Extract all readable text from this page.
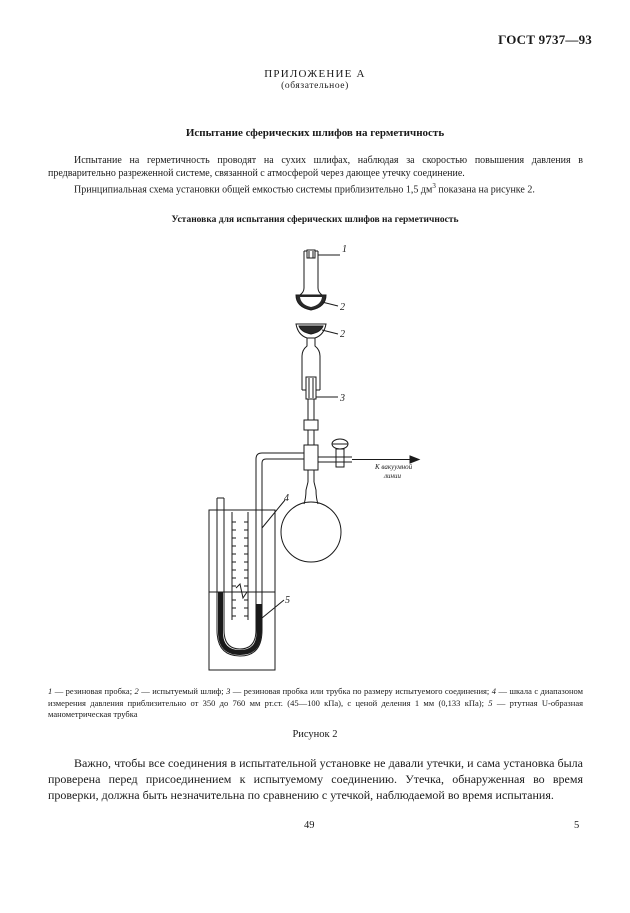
ГОСТ 9737—93
ПРИЛОЖЕНИЕ А
(обязательное)
Испытание сферических шлифов на герметичность
Испытание на герметичность проводят на сухих шлифах, наблюдая за скоростью повышения давления в предварительно разреженной системе, связанной с атмосферой через дающее утечку соединение.
Принципиальная схема установки общей емкостью системы приблизительно 1,5 $дм^3$ показана на рисунке 2.
Установка для испытания сферических шлифов на герметичность
1
2
2
3
4
5
К вакуумной
линии
1 — резиновая пробка; 2 — испытуемый шлиф; 3 — резиновая пробка или трубка по размеру испытуемого соединения; 4 — шкала с диапазоном измерения давления приблизительно от 350 до 760 мм рт.ст. (45—100 кПа), с ценой деления 1 мм (0,133 кПа); 5 — ртутная U-образная манометрическая трубка
Рисунок 2
Важно, чтобы все соединения в испытательной установке не давали утечки, и сама установка была проверена перед присоединением к испытуемому соединению. Утечка, обнаруженная во время проверки, должна быть незначительна по сравнению с утечкой, наблюдаемой во время испытания.
49	5
